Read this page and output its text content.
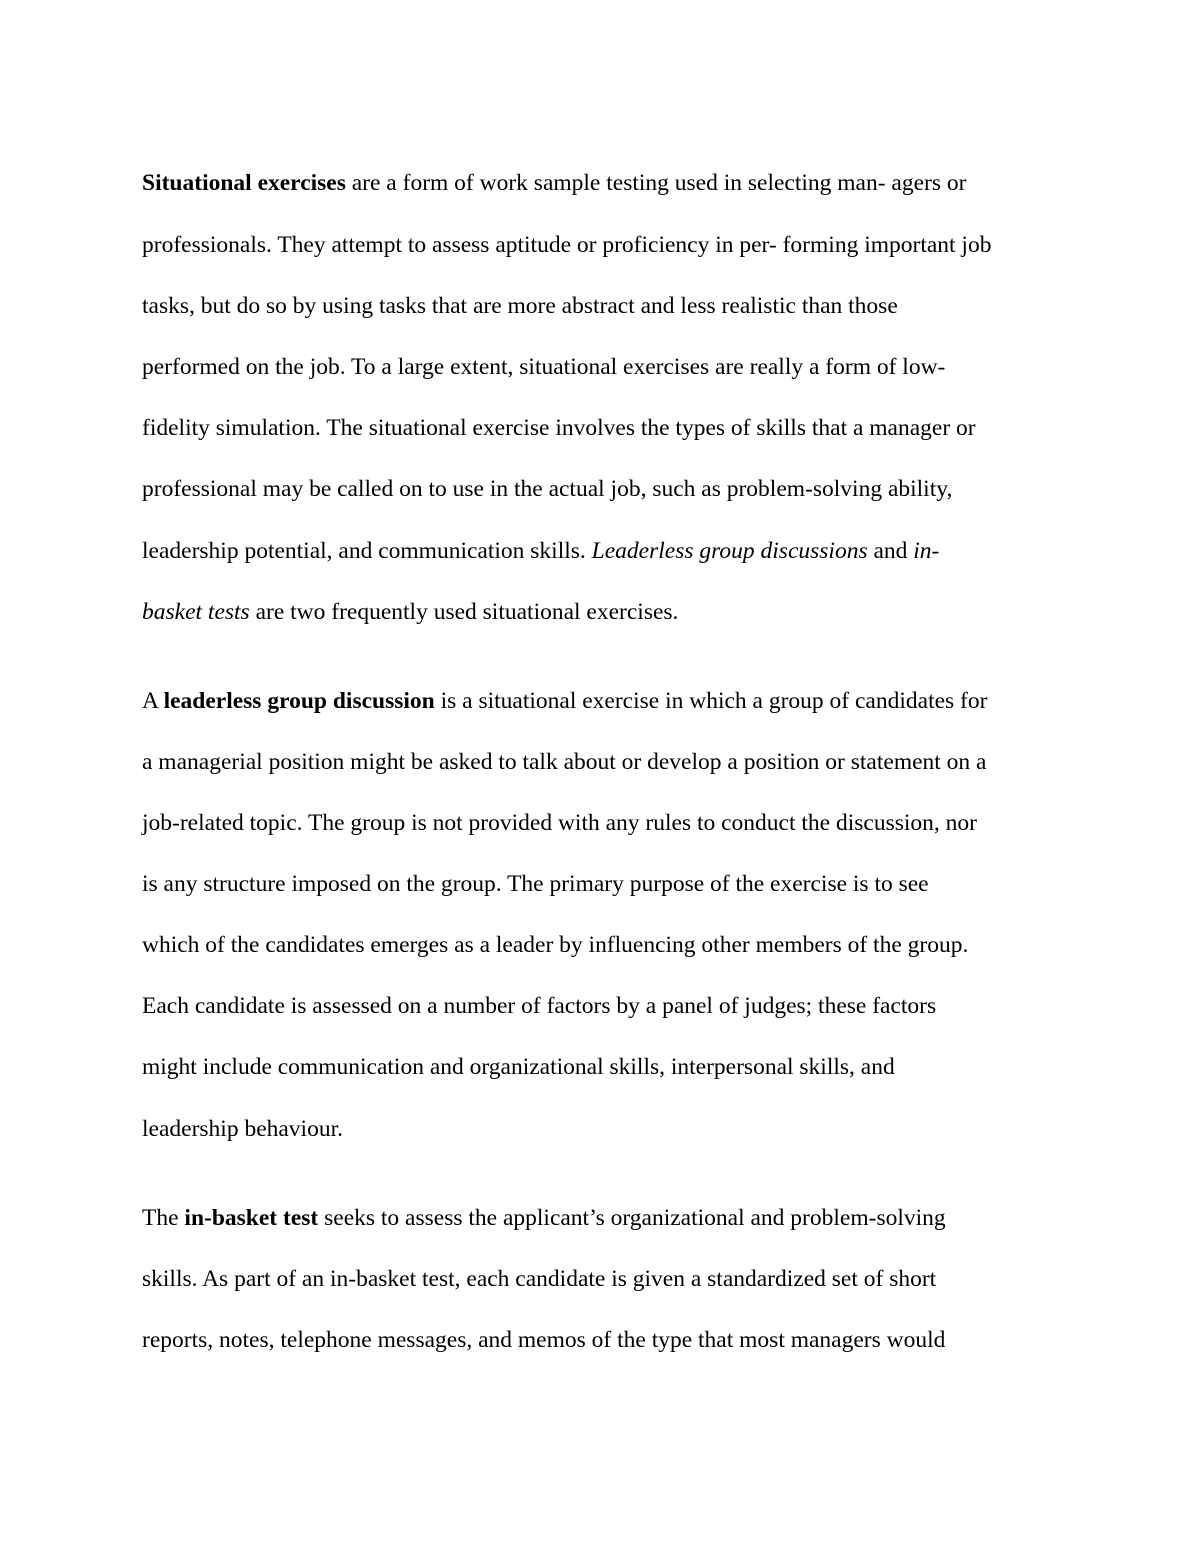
Situational exercises are a form of work sample testing used in selecting man- agers or
professionals. They attempt to assess aptitude or proficiency in per- forming important job
tasks, but do so by using tasks that are more abstract and less realistic than those
performed on the job. To a large extent, situational exercises are really a form of low-
fidelity simulation. The situational exercise involves the types of skills that a manager or
professional may be called on to use in the actual job, such as problem-solving ability,
leadership potential, and communication skills. Leaderless group discussions and in-
basket tests are two frequently used situational exercises.
A leaderless group discussion is a situational exercise in which a group of candidates for
a managerial position might be asked to talk about or develop a position or statement on a
job-related topic. The group is not provided with any rules to conduct the discussion, nor
is any structure imposed on the group. The primary purpose of the exercise is to see
which of the candidates emerges as a leader by influencing other members of the group.
Each candidate is assessed on a number of factors by a panel of judges; these factors
might include communication and organizational skills, interpersonal skills, and
leadership behaviour.
The in-basket test seeks to assess the applicant’s organizational and problem-solving
skills. As part of an in-basket test, each candidate is given a standardized set of short
reports, notes, telephone messages, and memos of the type that most managers would
